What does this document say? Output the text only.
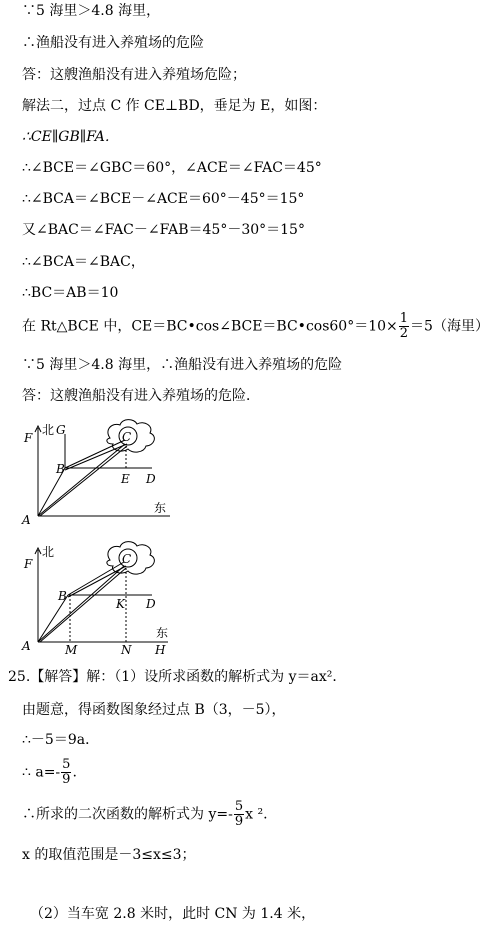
∵5 海里＞4.8 海里，
∴渔船没有进入养殖场的危险
答：这艘渔船没有进入养殖场危险；
解法二，过点 C 作 CE⊥BD，垂足为 E，如图：
∴CE∥GB∥FA．
∴∠BCE＝∠GBC＝60°，∠ACE＝∠FAC＝45°
∴∠BCA＝∠BCE－∠ACE＝60°－45°＝15°
又∠BAC＝∠FAC－∠FAB＝45°－30°＝15°
∴∠BCA＝∠BAC，
∴BC＝AB＝10
在 Rt△BCE 中，CE＝BC•cos∠BCE＝BC•cos60°＝10× $\frac{1}{2} =5$（海里）
∵5 海里＞4.8 海里，∴渔船没有进入养殖场的危险
答：这艘渔船没有进入养殖场的危险．
F
北 G	C
B
E D
A
东
F
北	C
B
K D
A	M	N H
东
25.【解答】解：（1）设所求函数的解析式为 y＝ax²．
由题意，得函数图象经过点 B（3，－5），
∴－5＝9a．
∴ $a=- \frac{5}{9}$ .
∴所求的二次函数的解析式为 $y=- \frac{5}{9}$ x ².
x 的取值范围是－3≤x≤3；
（2）当车宽 2.8 米时，此时 CN 为 1.4 米，
